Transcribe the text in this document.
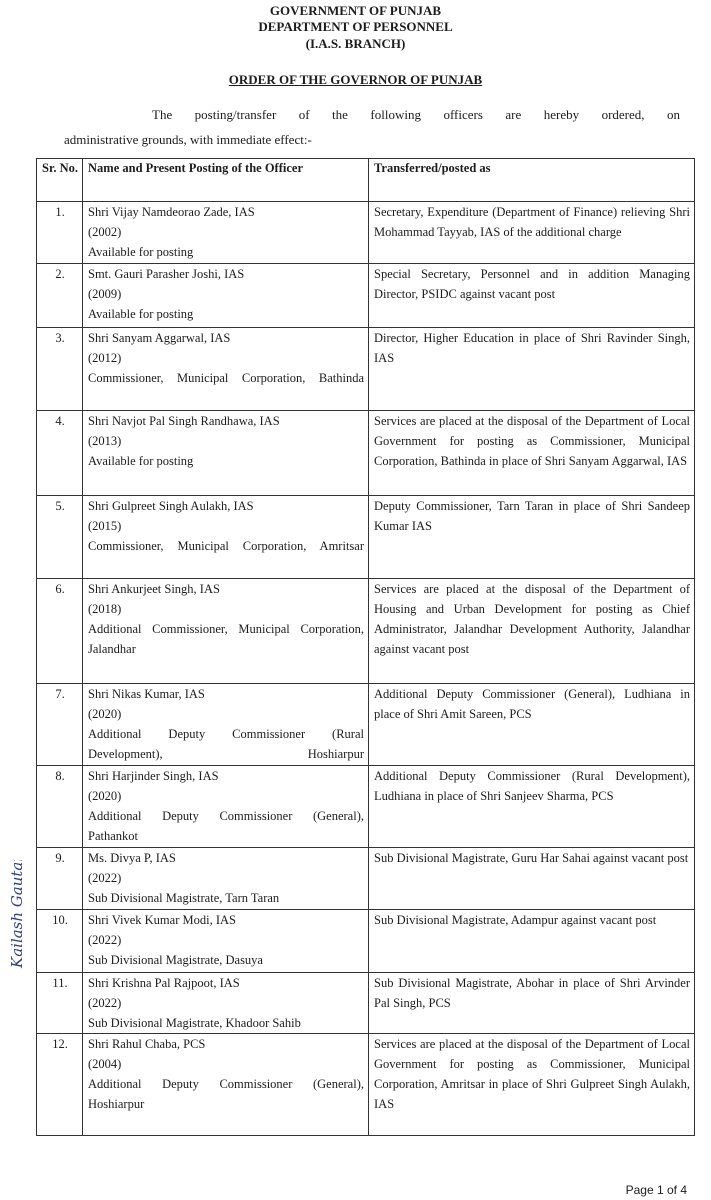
GOVERNMENT OF PUNJAB
DEPARTMENT OF PERSONNEL
(I.A.S. BRANCH)
ORDER OF THE GOVERNOR OF PUNJAB
The posting/transfer of the following officers are hereby ordered, on
administrative grounds, with immediate effect:-
Sr. No.	Name and Present Posting of the Officer	Transferred/posted as
1.	Shri Vijay Namdeorao Zade, IAS
(2002)
Available for posting	Secretary, Expenditure (Department of Finance) relieving Shri Mohammad Tayyab, IAS of the additional charge
2.	Smt. Gauri Parasher Joshi, IAS
(2009)
Available for posting	Special Secretary, Personnel and in addition Managing Director, PSIDC against vacant post
3.	Shri Sanyam Aggarwal, IAS
(2012)
Commissioner, Municipal Corporation, Bathinda	Director, Higher Education in place of Shri Ravinder Singh, IAS
4.	Shri Navjot Pal Singh Randhawa, IAS
(2013)
Available for posting	Services are placed at the disposal of the Department of Local Government for posting as Commissioner, Municipal Corporation, Bathinda in place of Shri Sanyam Aggarwal, IAS
5.	Shri Gulpreet Singh Aulakh, IAS
(2015)
Commissioner, Municipal Corporation, Amritsar	Deputy Commissioner, Tarn Taran in place of Shri Sandeep Kumar IAS
6.	Shri Ankurjeet Singh, IAS
(2018)
Additional Commissioner, Municipal Corporation, Jalandhar	Services are placed at the disposal of the Department of Housing and Urban Development for posting as Chief Administrator, Jalandhar Development Authority, Jalandhar against vacant post
7.	Shri Nikas Kumar, IAS
(2020)
Additional Deputy Commissioner (Rural Development), Hoshiarpur	Additional Deputy Commissioner (General), Ludhiana in place of Shri Amit Sareen, PCS
8.	Shri Harjinder Singh, IAS
(2020)
Additional Deputy Commissioner (General), Pathankot	Additional Deputy Commissioner (Rural Development), Ludhiana in place of Shri Sanjeev Sharma, PCS
9.	Ms. Divya P, IAS
(2022)
Sub Divisional Magistrate, Tarn Taran	Sub Divisional Magistrate, Guru Har Sahai against vacant post
10.	Shri Vivek Kumar Modi, IAS
(2022)
Sub Divisional Magistrate, Dasuya	Sub Divisional Magistrate, Adampur against vacant post
11.	Shri Krishna Pal Rajpoot, IAS
(2022)
Sub Divisional Magistrate, Khadoor Sahib	Sub Divisional Magistrate, Abohar in place of Shri Arvinder Pal Singh, PCS
12.	Shri Rahul Chaba, PCS
(2004)
Additional Deputy Commissioner (General), Hoshiarpur	Services are placed at the disposal of the Department of Local Government for posting as Commissioner, Municipal Corporation, Amritsar in place of Shri Gulpreet Singh Aulakh, IAS
Kailash Gautam
Page 1 of 4
